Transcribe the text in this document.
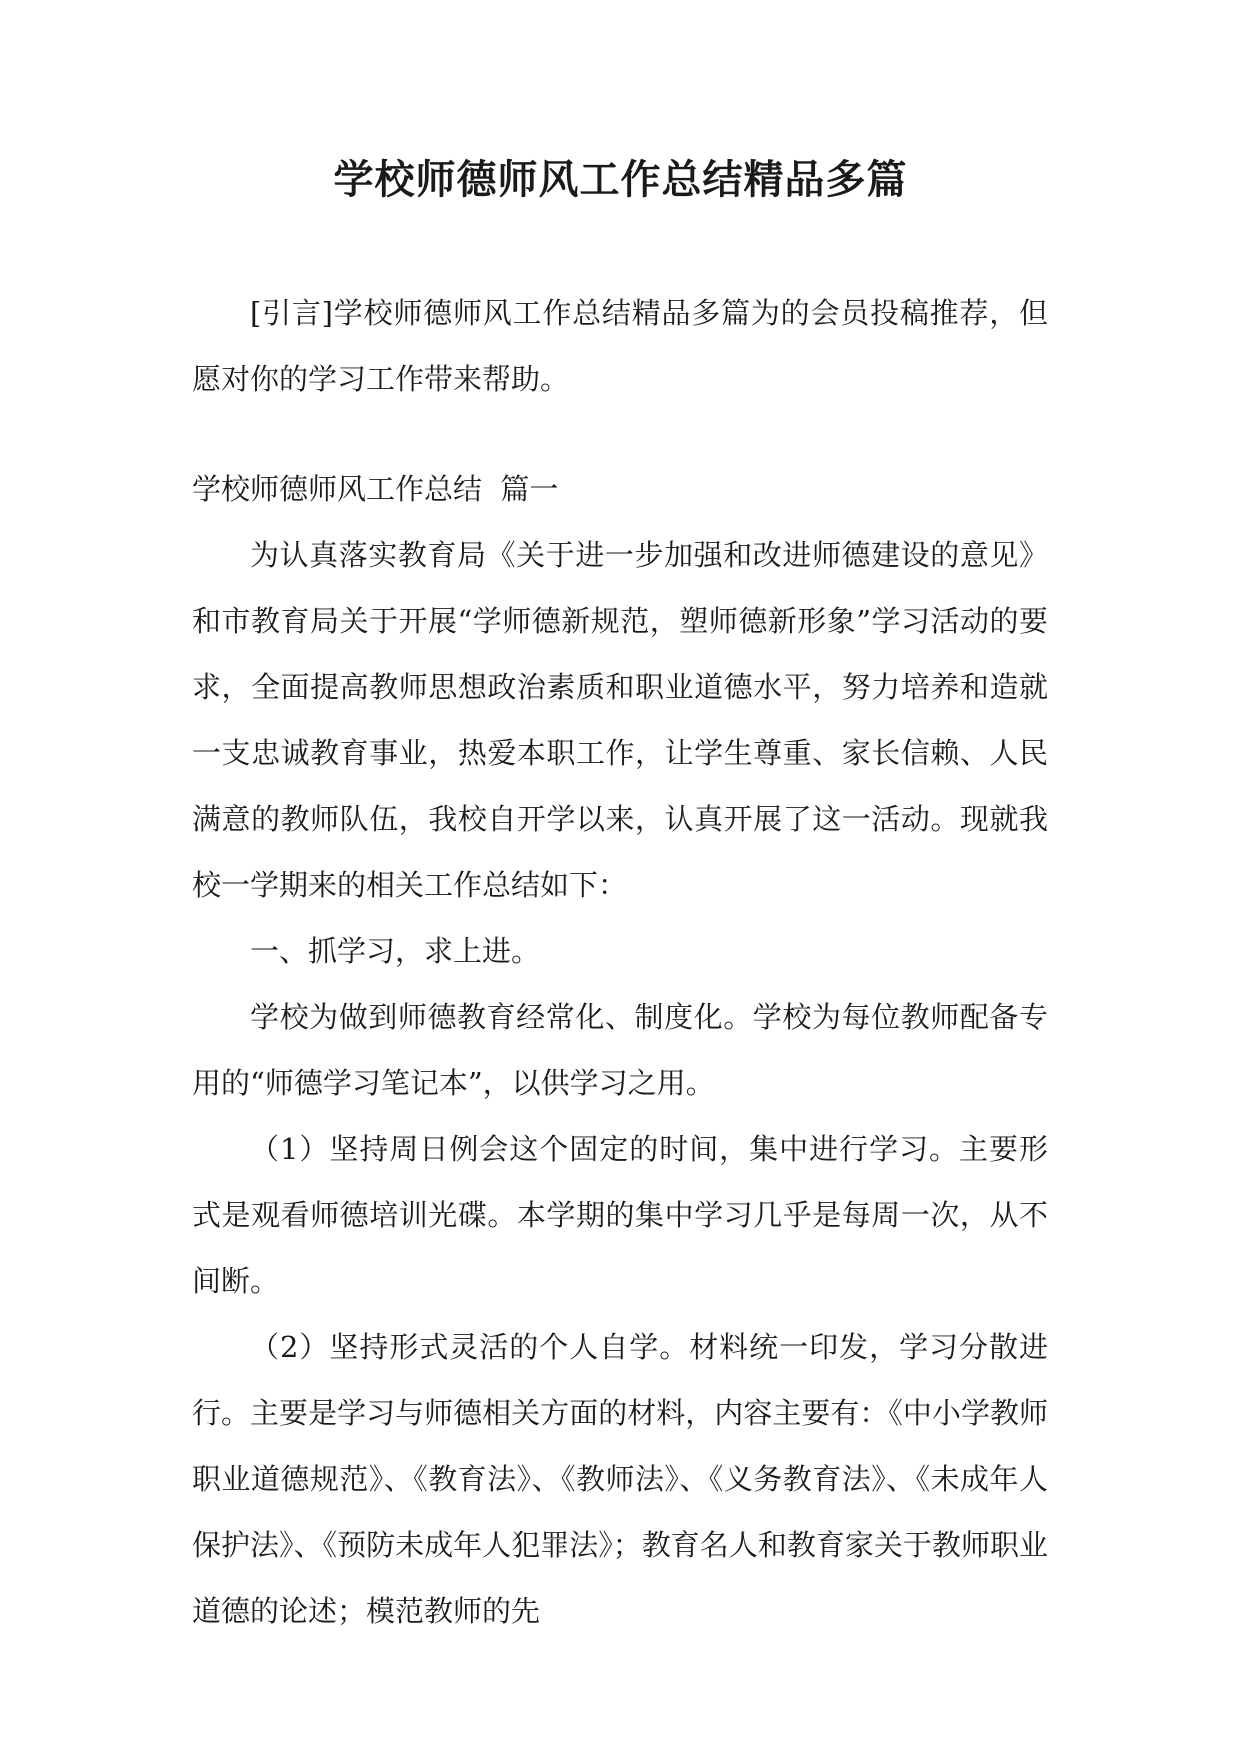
学校师德师风工作总结精品多篇

[引言]学校师德师风工作总结精品多篇为的会员投稿推荐，但愿对你的学习工作带来帮助。

学校师德师风工作总结  篇一

为认真落实教育局《关于进一步加强和改进师德建设的意见》和市教育局关于开展“学师德新规范，塑师德新形象”学习活动的要求，全面提高教师思想政治素质和职业道德水平，努力培养和造就一支忠诚教育事业，热爱本职工作，让学生尊重、家长信赖、人民满意的教师队伍，我校自开学以来，认真开展了这一活动。现就我校一学期来的相关工作总结如下：

一、抓学习，求上进。

学校为做到师德教育经常化、制度化。学校为每位教师配备专用的“师德学习笔记本”，以供学习之用。

（1）坚持周日例会这个固定的时间，集中进行学习。主要形式是观看师德培训光碟。本学期的集中学习几乎是每周一次，从不间断。

（2）坚持形式灵活的个人自学。材料统一印发，学习分散进行。主要是学习与师德相关方面的材料，内容主要有：《中小学教师职业道德规范》、《教育法》、《教师法》、《义务教育法》、《未成年人保护法》、《预防未成年人犯罪法》；教育名人和教育家关于教师职业道德的论述；模范教师的先
